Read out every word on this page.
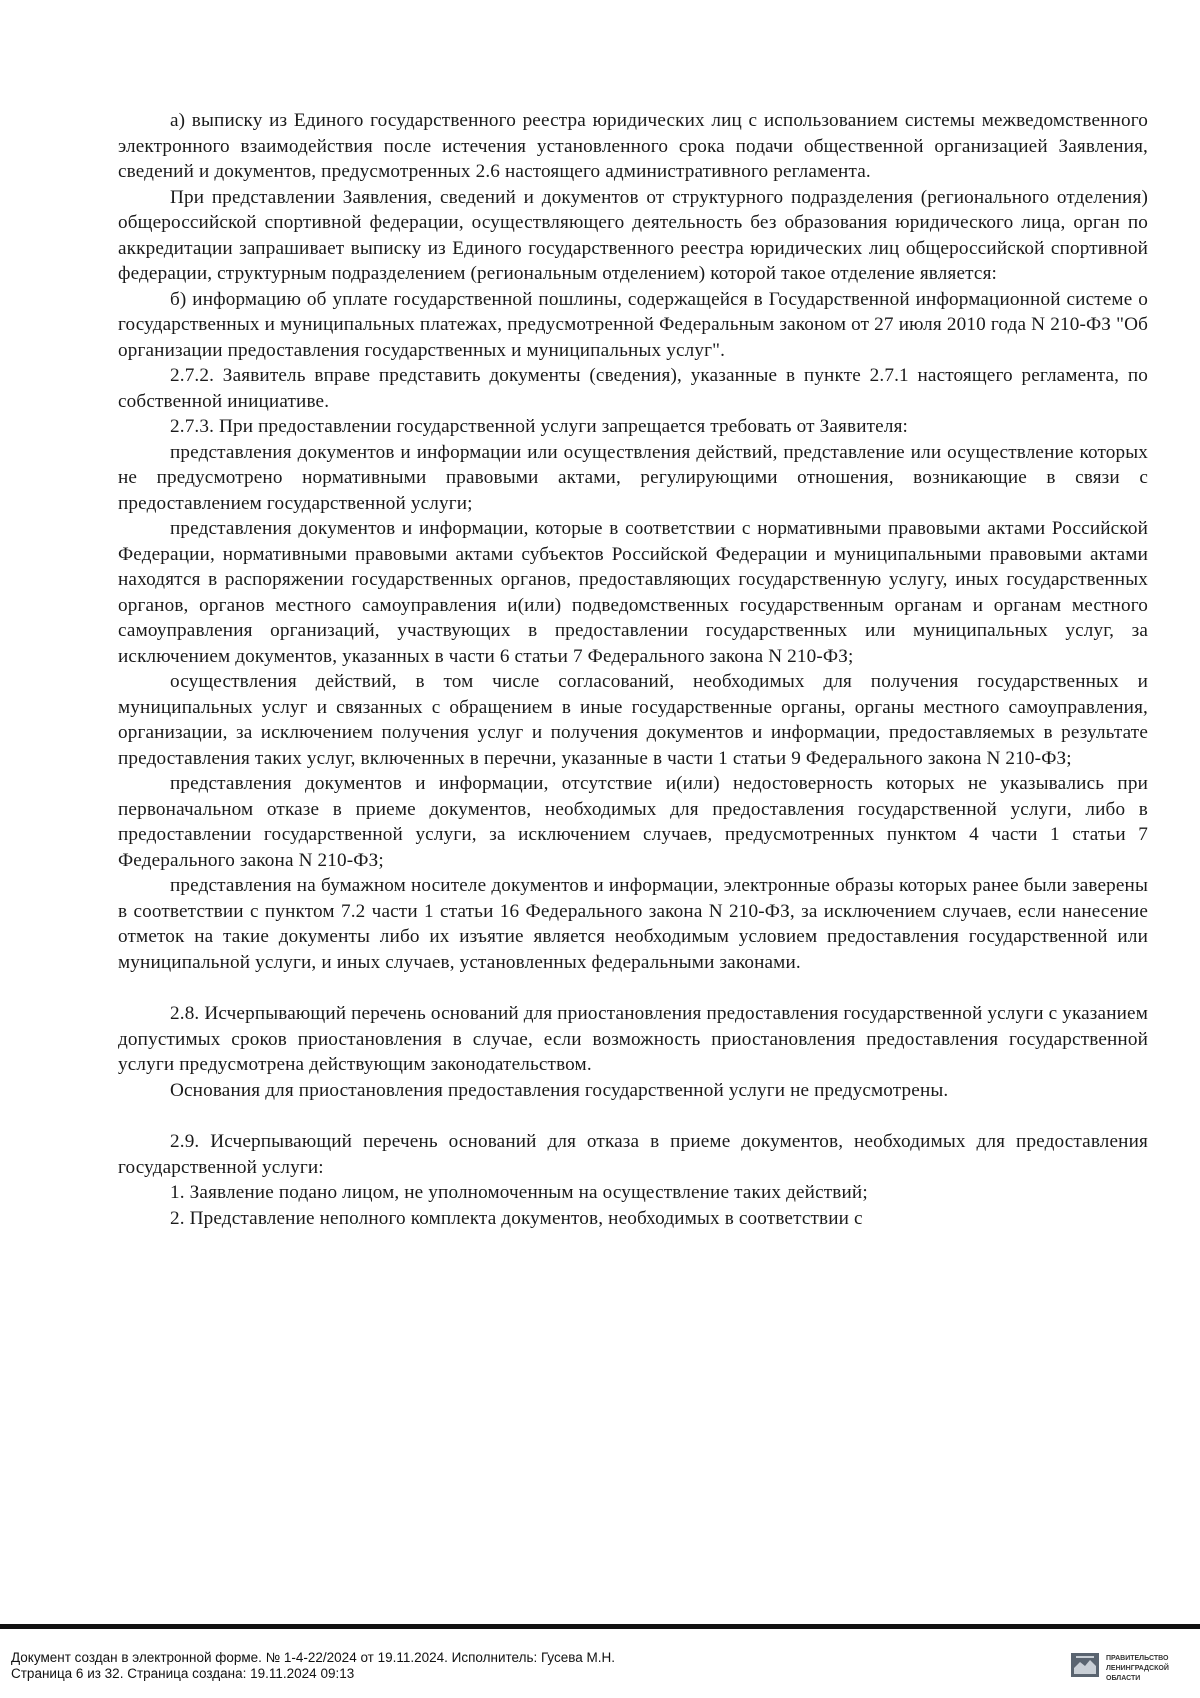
а) выписку из Единого государственного реестра юридических лиц с использованием системы межведомственного электронного взаимодействия после истечения установленного срока подачи общественной организацией Заявления, сведений и документов, предусмотренных 2.6 настоящего административного регламента.

При представлении Заявления, сведений и документов от структурного подразделения (регионального отделения) общероссийской спортивной федерации, осуществляющего деятельность без образования юридического лица, орган по аккредитации запрашивает выписку из Единого государственного реестра юридических лиц общероссийской спортивной федерации, структурным подразделением (региональным отделением) которой такое отделение является:

б) информацию об уплате государственной пошлины, содержащейся в Государственной информационной системе о государственных и муниципальных платежах, предусмотренной Федеральным законом от 27 июля 2010 года N 210-ФЗ "Об организации предоставления государственных и муниципальных услуг".

2.7.2. Заявитель вправе представить документы (сведения), указанные в пункте 2.7.1 настоящего регламента, по собственной инициативе.

2.7.3. При предоставлении государственной услуги запрещается требовать от Заявителя:

представления документов и информации или осуществления действий, представление или осуществление которых не предусмотрено нормативными правовыми актами, регулирующими отношения, возникающие в связи с предоставлением государственной услуги;

представления документов и информации, которые в соответствии с нормативными правовыми актами Российской Федерации, нормативными правовыми актами субъектов Российской Федерации и муниципальными правовыми актами находятся в распоряжении государственных органов, предоставляющих государственную услугу, иных государственных органов, органов местного самоуправления и(или) подведомственных государственным органам и органам местного самоуправления организаций, участвующих в предоставлении государственных или муниципальных услуг, за исключением документов, указанных в части 6 статьи 7 Федерального закона N 210-ФЗ;

осуществления действий, в том числе согласований, необходимых для получения государственных и муниципальных услуг и связанных с обращением в иные государственные органы, органы местного самоуправления, организации, за исключением получения услуг и получения документов и информации, предоставляемых в результате предоставления таких услуг, включенных в перечни, указанные в части 1 статьи 9 Федерального закона N 210-ФЗ;

представления документов и информации, отсутствие и(или) недостоверность которых не указывались при первоначальном отказе в приеме документов, необходимых для предоставления государственной услуги, либо в предоставлении государственной услуги, за исключением случаев, предусмотренных пунктом 4 части 1 статьи 7 Федерального закона N 210-ФЗ;

представления на бумажном носителе документов и информации, электронные образы которых ранее были заверены в соответствии с пунктом 7.2 части 1 статьи 16 Федерального закона N 210-ФЗ, за исключением случаев, если нанесение отметок на такие документы либо их изъятие является необходимым условием предоставления государственной или муниципальной услуги, и иных случаев, установленных федеральными законами.

2.8. Исчерпывающий перечень оснований для приостановления предоставления государственной услуги с указанием допустимых сроков приостановления в случае, если возможность приостановления предоставления государственной услуги предусмотрена действующим законодательством.

Основания для приостановления предоставления государственной услуги не предусмотрены.

2.9. Исчерпывающий перечень оснований для отказа в приеме документов, необходимых для предоставления государственной услуги:

1. Заявление подано лицом, не уполномоченным на осуществление таких действий;

2. Представление неполного комплекта документов, необходимых в соответствии с

Документ создан в электронной форме. № 1-4-22/2024 от 19.11.2024. Исполнитель: Гусева М.Н.
Страница 6 из 32. Страница создана: 19.11.2024 09:13
ПРАВИТЕЛЬСТВО
ЛЕНИНГРАДСКОЙ
ОБЛАСТИ
